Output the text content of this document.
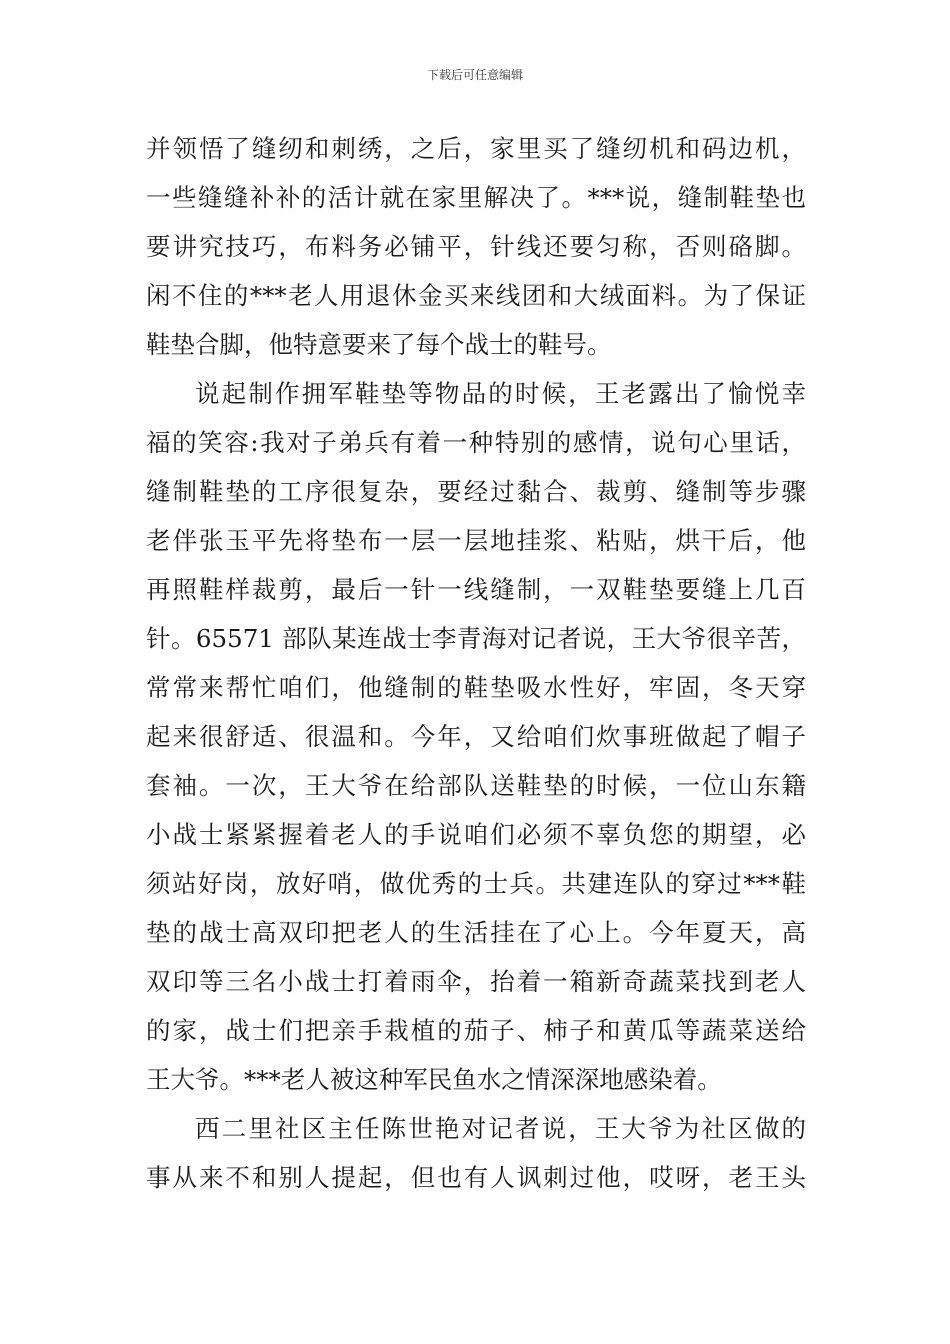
下载后可任意编辑
并领悟了缝纫和刺绣，之后，家里买了缝纫机和码边机，
一些缝缝补补的活计就在家里解决了。***说，缝制鞋垫也
要讲究技巧，布料务必铺平，针线还要匀称，否则硌脚。
闲不住的***老人用退休金买来线团和大绒面料。为了保证
鞋垫合脚，他特意要来了每个战士的鞋号。
说起制作拥军鞋垫等物品的时候，王老露出了愉悦幸
福的笑容:我对子弟兵有着一种特别的感情，说句心里话，
缝制鞋垫的工序很复杂，要经过黏合、裁剪、缝制等步骤
老伴张玉平先将垫布一层一层地挂浆、粘贴，烘干后，他
再照鞋样裁剪，最后一针一线缝制，一双鞋垫要缝上几百
针。65571 部队某连战士李青海对记者说，王大爷很辛苦，
常常来帮忙咱们，他缝制的鞋垫吸水性好，牢固，冬天穿
起来很舒适、很温和。今年，又给咱们炊事班做起了帽子
套袖。一次，王大爷在给部队送鞋垫的时候，一位山东籍
小战士紧紧握着老人的手说咱们必须不辜负您的期望，必
须站好岗，放好哨，做优秀的士兵。共建连队的穿过***鞋
垫的战士高双印把老人的生活挂在了心上。今年夏天，高
双印等三名小战士打着雨伞，抬着一箱新奇蔬菜找到老人
的家，战士们把亲手栽植的茄子、柿子和黄瓜等蔬菜送给
王大爷。***老人被这种军民鱼水之情深深地感染着。
西二里社区主任陈世艳对记者说，王大爷为社区做的
事从来不和别人提起，但也有人讽刺过他，哎呀，老王头
